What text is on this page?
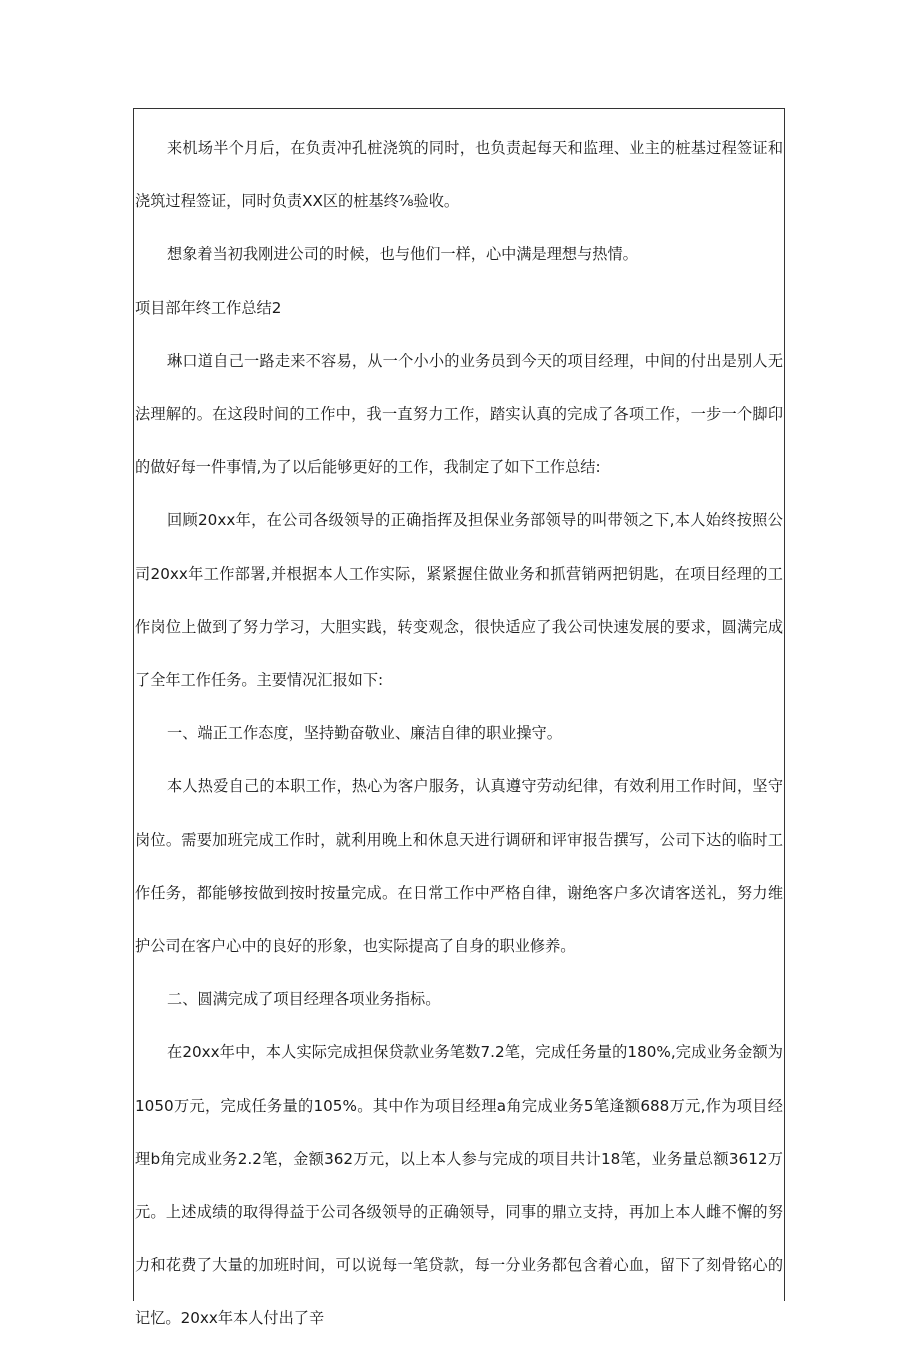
来机场半个月后，在负责冲孔桩浇筑的同时，也负责起每天和监理、业主的桩基过程签证和浇筑过程签证，同时负责XX区的桩基终⅞验收。

想象着当初我刚进公司的时候，也与他们一样，心中满是理想与热情。

项目部年终工作总结2

琳口道自己一路走来不容易，从一个小小的业务员到今天的项目经理，中间的付出是别人无法理解的。在这段时间的工作中，我一直努力工作，踏实认真的完成了各项工作，一步一个脚印的做好每一件事情,为了以后能够更好的工作，我制定了如下工作总结:

回顾20xx年，在公司各级领导的正确指挥及担保业务部领导的叫带领之下,本人始终按照公司20xx年工作部署,并根据本人工作实际，紧紧握住做业务和抓营销两把钥匙，在项目经理的工作岗位上做到了努力学习，大胆实践，转变观念，很快适应了我公司快速发展的要求，圆满完成了全年工作任务。主要情况汇报如下:

一、端正工作态度，坚持勤奋敬业、廉洁自律的职业操守。

本人热爱自己的本职工作，热心为客户服务，认真遵守劳动纪律，有效利用工作时间，坚守岗位。需要加班完成工作时，就利用晚上和休息天进行调研和评审报告撰写，公司下达的临时工作任务，都能够按做到按时按量完成。在日常工作中严格自律，谢绝客户多次请客送礼，努力维护公司在客户心中的良好的形象，也实际提高了自身的职业修养。

二、圆满完成了项目经理各项业务指标。

在20xx年中，本人实际完成担保贷款业务笔数7.2笔，完成任务量的180%,完成业务金额为1050万元，完成任务量的105%。其中作为项目经理a角完成业务5笔逢额688万元,作为项目经理b角完成业务2.2笔，金额362万元，以上本人参与完成的项目共计18笔，业务量总额3612万元。上述成绩的取得得益于公司各级领导的正确领导，同事的鼎立支持，再加上本人雌不懈的努力和花费了大量的加班时间，可以说每一笔贷款，每一分业务都包含着心血，留下了刻骨铭心的记忆。20xx年本人付出了辛
